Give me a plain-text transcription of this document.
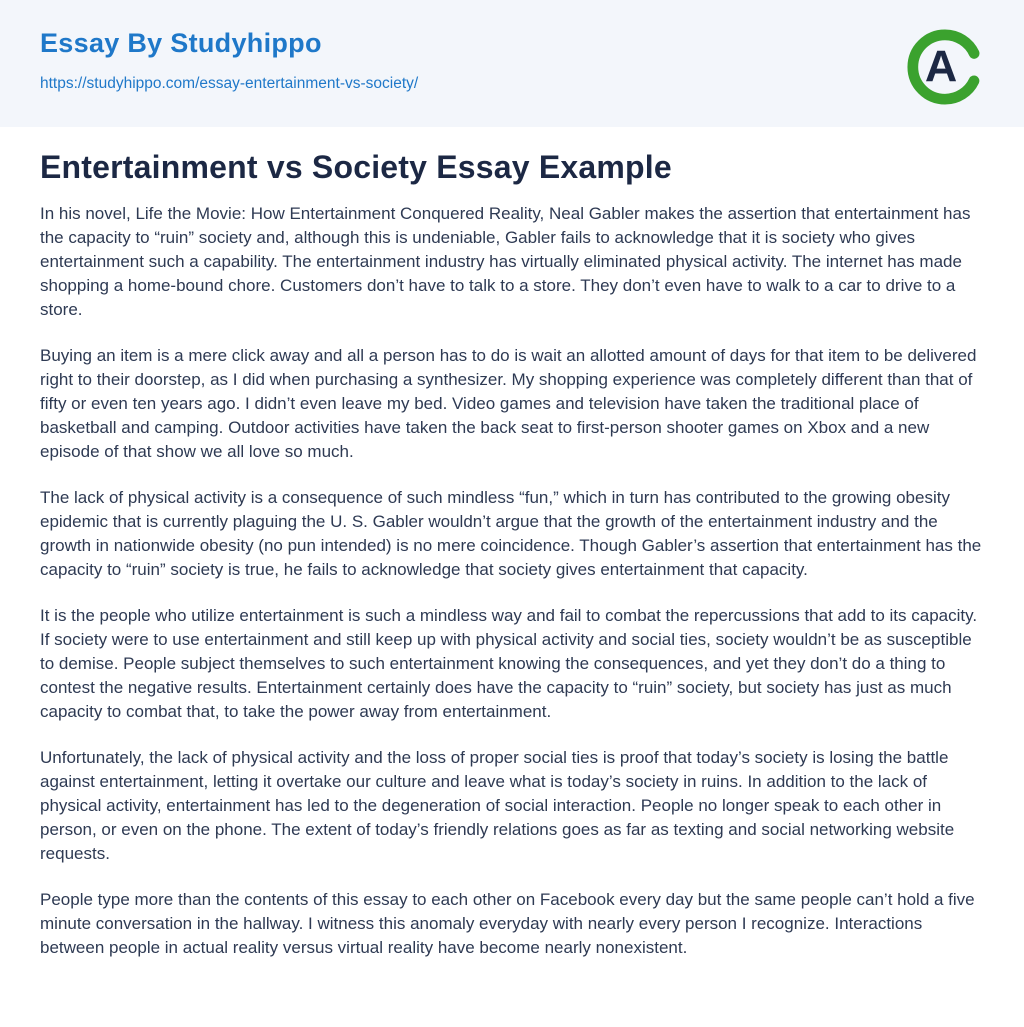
Essay By Studyhippo
https://studyhippo.com/essay-entertainment-vs-society/	A
Entertainment vs Society Essay Example

In his novel, Life the Movie: How Entertainment Conquered Reality, Neal Gabler makes the assertion that entertainment has the capacity to “ruin” society and, although this is undeniable, Gabler fails to acknowledge that it is society who gives entertainment such a capability. The entertainment industry has virtually eliminated physical activity. The internet has made shopping a home-bound chore. Customers don’t have to talk to a store. They don’t even have to walk to a car to drive to a store.

Buying an item is a mere click away and all a person has to do is wait an allotted amount of days for that item to be delivered right to their doorstep, as I did when purchasing a synthesizer. My shopping experience was completely different than that of fifty or even ten years ago. I didn’t even leave my bed. Video games and television have taken the traditional place of basketball and camping. Outdoor activities have taken the back seat to first-person shooter games on Xbox and a new episode of that show we all love so much.

The lack of physical activity is a consequence of such mindless “fun,” which in turn has contributed to the growing obesity epidemic that is currently plaguing the U. S. Gabler wouldn’t argue that the growth of the entertainment industry and the growth in nationwide obesity (no pun intended) is no mere coincidence. Though Gabler’s assertion that entertainment has the capacity to “ruin” society is true, he fails to acknowledge that society gives entertainment that capacity.

It is the people who utilize entertainment is such a mindless way and fail to combat the repercussions that add to its capacity. If society were to use entertainment and still keep up with physical activity and social ties, society wouldn’t be as susceptible to demise. People subject themselves to such entertainment knowing the consequences, and yet they don’t do a thing to contest the negative results. Entertainment certainly does have the capacity to “ruin” society, but society has just as much capacity to combat that, to take the power away from entertainment.

Unfortunately, the lack of physical activity and the loss of proper social ties is proof that today’s society is losing the battle against entertainment, letting it overtake our culture and leave what is today’s society in ruins. In addition to the lack of physical activity, entertainment has led to the degeneration of social interaction. People no longer speak to each other in person, or even on the phone. The extent of today’s friendly relations goes as far as texting and social networking website requests.

People type more than the contents of this essay to each other on Facebook every day but the same people can’t hold a five minute conversation in the hallway. I witness this anomaly everyday with nearly every person I recognize. Interactions between people in actual reality versus virtual reality have become nearly nonexistent.
